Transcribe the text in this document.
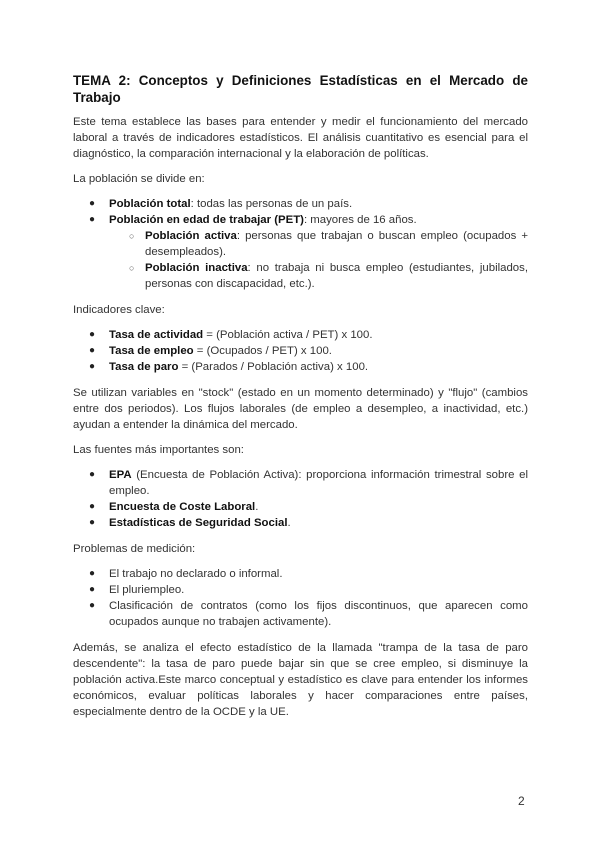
TEMA 2: Conceptos y Definiciones Estadísticas en el Mercado de Trabajo

Este tema establece las bases para entender y medir el funcionamiento del mercado laboral a través de indicadores estadísticos. El análisis cuantitativo es esencial para el diagnóstico, la comparación internacional y la elaboración de políticas.

La población se divide en:

● Población total: todas las personas de un país.
● Población en edad de trabajar (PET): mayores de 16 años.
○ Población activa: personas que trabajan o buscan empleo (ocupados + desempleados).
○ Población inactiva: no trabaja ni busca empleo (estudiantes, jubilados, personas con discapacidad, etc.).

Indicadores clave:

● Tasa de actividad = (Población activa / PET) x 100.
● Tasa de empleo = (Ocupados / PET) x 100.
● Tasa de paro = (Parados / Población activa) x 100.

Se utilizan variables en "stock" (estado en un momento determinado) y "flujo" (cambios entre dos periodos). Los flujos laborales (de empleo a desempleo, a inactividad, etc.) ayudan a entender la dinámica del mercado.

Las fuentes más importantes son:

● EPA (Encuesta de Población Activa): proporciona información trimestral sobre el empleo.
● Encuesta de Coste Laboral.
● Estadísticas de Seguridad Social.

Problemas de medición:

● El trabajo no declarado o informal.
● El pluriempleo.
● Clasificación de contratos (como los fijos discontinuos, que aparecen como ocupados aunque no trabajen activamente).

Además, se analiza el efecto estadístico de la llamada "trampa de la tasa de paro descendente": la tasa de paro puede bajar sin que se cree empleo, si disminuye la población activa.Este marco conceptual y estadístico es clave para entender los informes económicos, evaluar políticas laborales y hacer comparaciones entre países, especialmente dentro de la OCDE y la UE.

2
